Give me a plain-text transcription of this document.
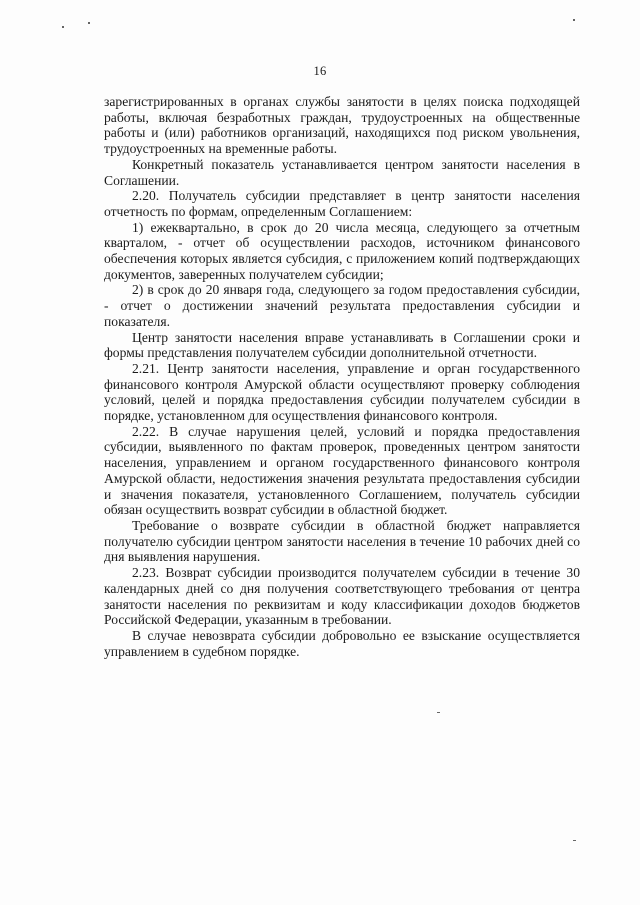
16

зарегистрированных в органах службы занятости в целях поиска подходящей работы, включая безработных граждан, трудоустроенных на общественные работы и (или) работников организаций, находящихся под риском увольнения, трудоустроенных на временные работы.

Конкретный показатель устанавливается центром занятости населения в Соглашении.

2.20. Получатель субсидии представляет в центр занятости населения отчетность по формам, определенным Соглашением:

1) ежеквартально, в срок до 20 числа месяца, следующего за отчетным кварталом, - отчет об осуществлении расходов, источником финансового обеспечения которых является субсидия, с приложением копий подтверждающих документов, заверенных получателем субсидии;

2) в срок до 20 января года, следующего за годом предоставления субсидии, - отчет о достижении значений результата предоставления субсидии и показателя.

Центр занятости населения вправе устанавливать в Соглашении сроки и формы представления получателем субсидии дополнительной отчетности.

2.21. Центр занятости населения, управление и орган государственного финансового контроля Амурской области осуществляют проверку соблюдения условий, целей и порядка предоставления субсидии получателем субсидии в порядке, установленном для осуществления финансового контроля.

2.22. В случае нарушения целей, условий и порядка предоставления субсидии, выявленного по фактам проверок, проведенных центром занятости населения, управлением и органом государственного финансового контроля Амурской области, недостижения значения результата предоставления субсидии и значения показателя, установленного Соглашением, получатель субсидии обязан осуществить возврат субсидии в областной бюджет.

Требование о возврате субсидии в областной бюджет направляется получателю субсидии центром занятости населения в течение 10 рабочих дней со дня выявления нарушения.

2.23. Возврат субсидии производится получателем субсидии в течение 30 календарных дней со дня получения соответствующего требования от центра занятости населения по реквизитам и коду классификации доходов бюджетов Российской Федерации, указанным в требовании.

В случае невозврата субсидии добровольно ее взыскание осуществляется управлением в судебном порядке.
